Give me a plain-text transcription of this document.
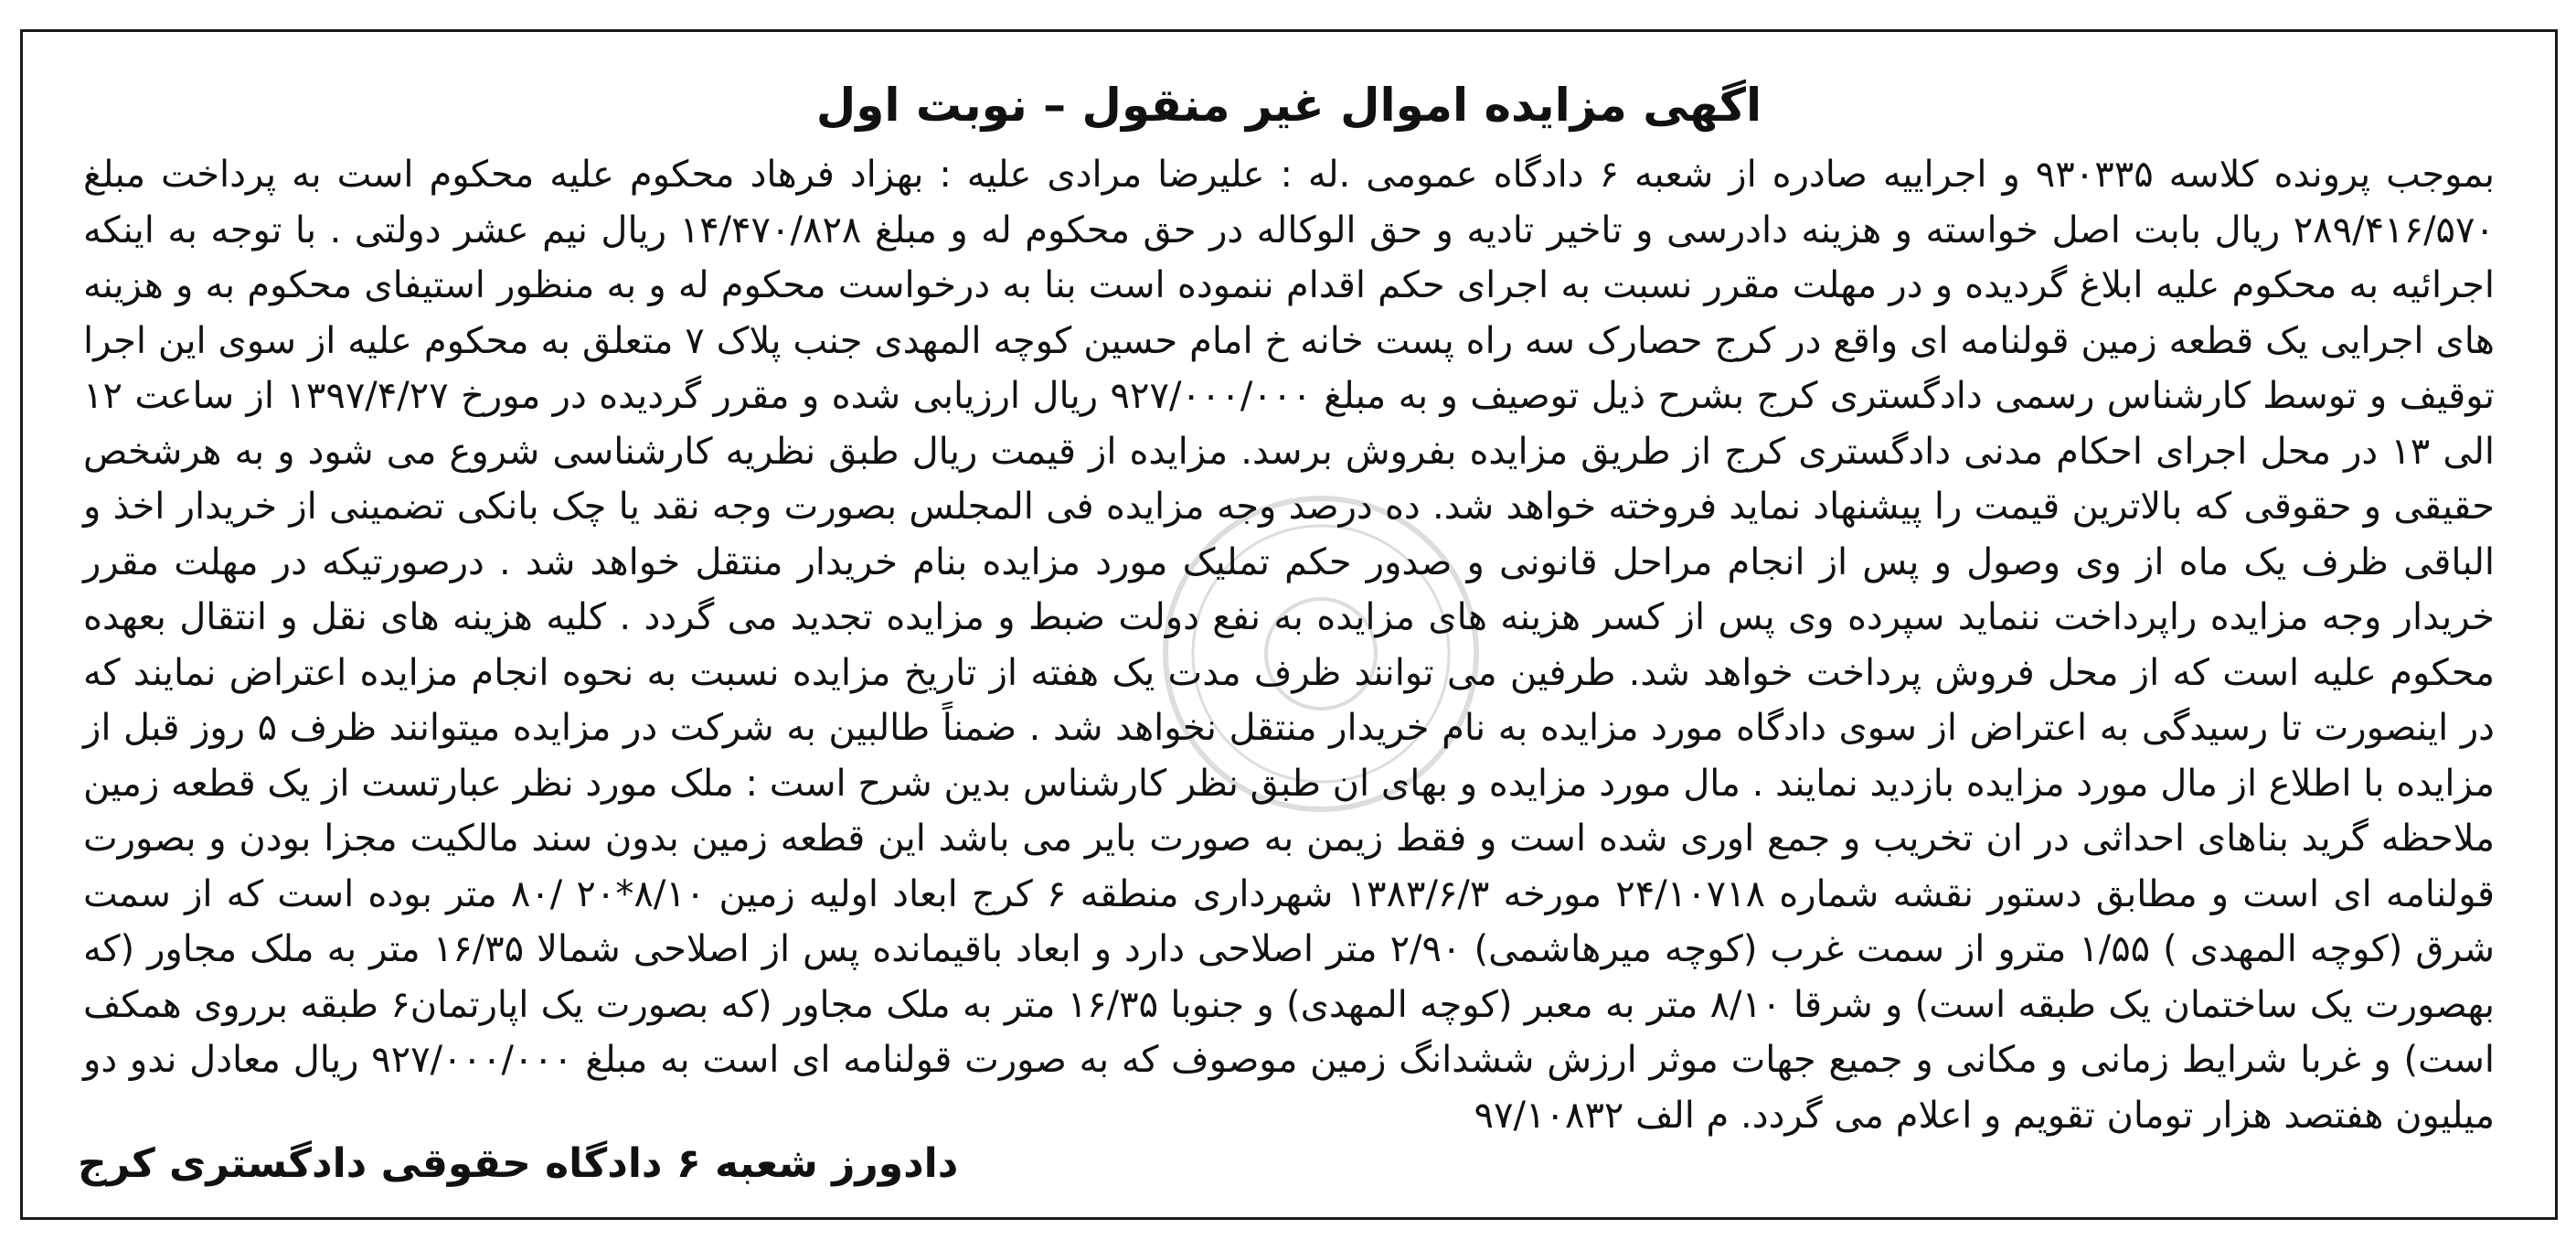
اگهی مزایده اموال غیر منقول – نوبت اول

بموجب پرونده کلاسه ۹۳۰۳۳۵ و اجراییه صادره از شعبه ۶ دادگاه عمومی .له : علیرضا مرادی علیه : بهزاد فرهاد محکوم علیه محکوم است به پرداخت مبلغ ۲۸۹/۴۱۶/۵۷۰ ریال بابت اصل خواسته و هزینه دادرسی و تاخیر تادیه و حق الوکاله در حق محکوم له و مبلغ ۱۴/۴۷۰/۸۲۸ ریال نیم عشر دولتی . با توجه به اینکه اجرائیه به محکوم علیه ابلاغ گردیده و در مهلت مقرر نسبت به اجرای حکم اقدام ننموده است بنا به درخواست محکوم له و به منظور استیفای محکوم به و هزینه های اجرایی یک قطعه زمین قولنامه ای واقع در کرج حصارک سه راه پست خانه خ امام حسین کوچه المهدی جنب پلاک ۷ متعلق به محکوم علیه از سوی این اجرا توقیف و توسط کارشناس رسمی دادگستری کرج بشرح ذیل توصیف و به مبلغ ۹۲۷/۰۰۰/۰۰۰ ریال ارزیابی شده و مقرر گردیده در مورخ ۱۳۹۷/۴/۲۷ از ساعت ۱۲ الی ۱۳ در محل اجرای احکام مدنی دادگستری کرج از طریق مزایده بفروش برسد. مزایده از قیمت ریال طبق نظریه کارشناسی شروع می شود و به هرشخص حقیقی و حقوقی که بالاترین قیمت را پیشنهاد نماید فروخته خواهد شد. ده درصد وجه مزایده فی المجلس بصورت وجه نقد یا چک بانکی تضمینی از خریدار اخذ و الباقی ظرف یک ماه از وی وصول و پس از انجام مراحل قانونی و صدور حکم تملیک مورد مزایده بنام خریدار منتقل خواهد شد . درصورتیکه در مهلت مقرر خریدار وجه مزایده راپرداخت ننماید سپرده وی پس از کسر هزینه های مزایده به نفع دولت ضبط و مزایده تجدید می گردد . کلیه هزینه های نقل و انتقال بعهده محکوم علیه است که از محل فروش پرداخت خواهد شد. طرفین می توانند ظرف مدت یک هفته از تاریخ مزایده نسبت به نحوه انجام مزایده اعتراض نمایند که در اینصورت تا رسیدگی به اعتراض از سوی دادگاه مورد مزایده به نام خریدار منتقل نخواهد شد . ضمناً طالبین به شرکت در مزایده میتوانند ظرف ۵ روز قبل از مزایده با اطلاع از مال مورد مزایده بازدید نمایند . مال مورد مزایده و بهای ان طبق نظر کارشناس بدین شرح است : ملک مورد نظر عبارتست از یک قطعه زمین ملاحظه گرید بناهای احداثی در ان تخریب و جمع اوری شده است و فقط زیمن به صورت بایر می باشد این قطعه زمین بدون سند مالکیت مجزا بودن و بصورت قولنامه ای است و مطابق دستور نقشه شماره ۲۴/۱۰۷۱۸ مورخه ۱۳۸۳/۶/۳ شهرداری منطقه ۶ کرج ابعاد اولیه زمین ۸/۱۰*۲۰ /۸۰ متر بوده است که از سمت شرق (کوچه المهدی ) ۱/۵۵ مترو از سمت غرب (کوچه میرهاشمی) ۲/۹۰ متر اصلاحی دارد و ابعاد باقیمانده پس از اصلاحی شمالا ۱۶/۳۵ متر به ملک مجاور (که بهصورت یک ساختمان یک طبقه است) و شرقا ۸/۱۰ متر به معبر (کوچه المهدی) و جنوبا ۱۶/۳۵ متر به ملک مجاور (که بصورت یک اپارتمان۶ طبقه برروی همکف است) و غربا شرایط زمانی و مکانی و جمیع جهات موثر ارزش ششدانگ زمین موصوف که به صورت قولنامه ای است به مبلغ ۹۲۷/۰۰۰/۰۰۰ ریال معادل ندو دو میلیون هفتصد هزار تومان تقویم و اعلام می گردد. م الف ۹۷/۱۰۸۳۲

دادورز شعبه ۶ دادگاه حقوقی دادگستری کرج
